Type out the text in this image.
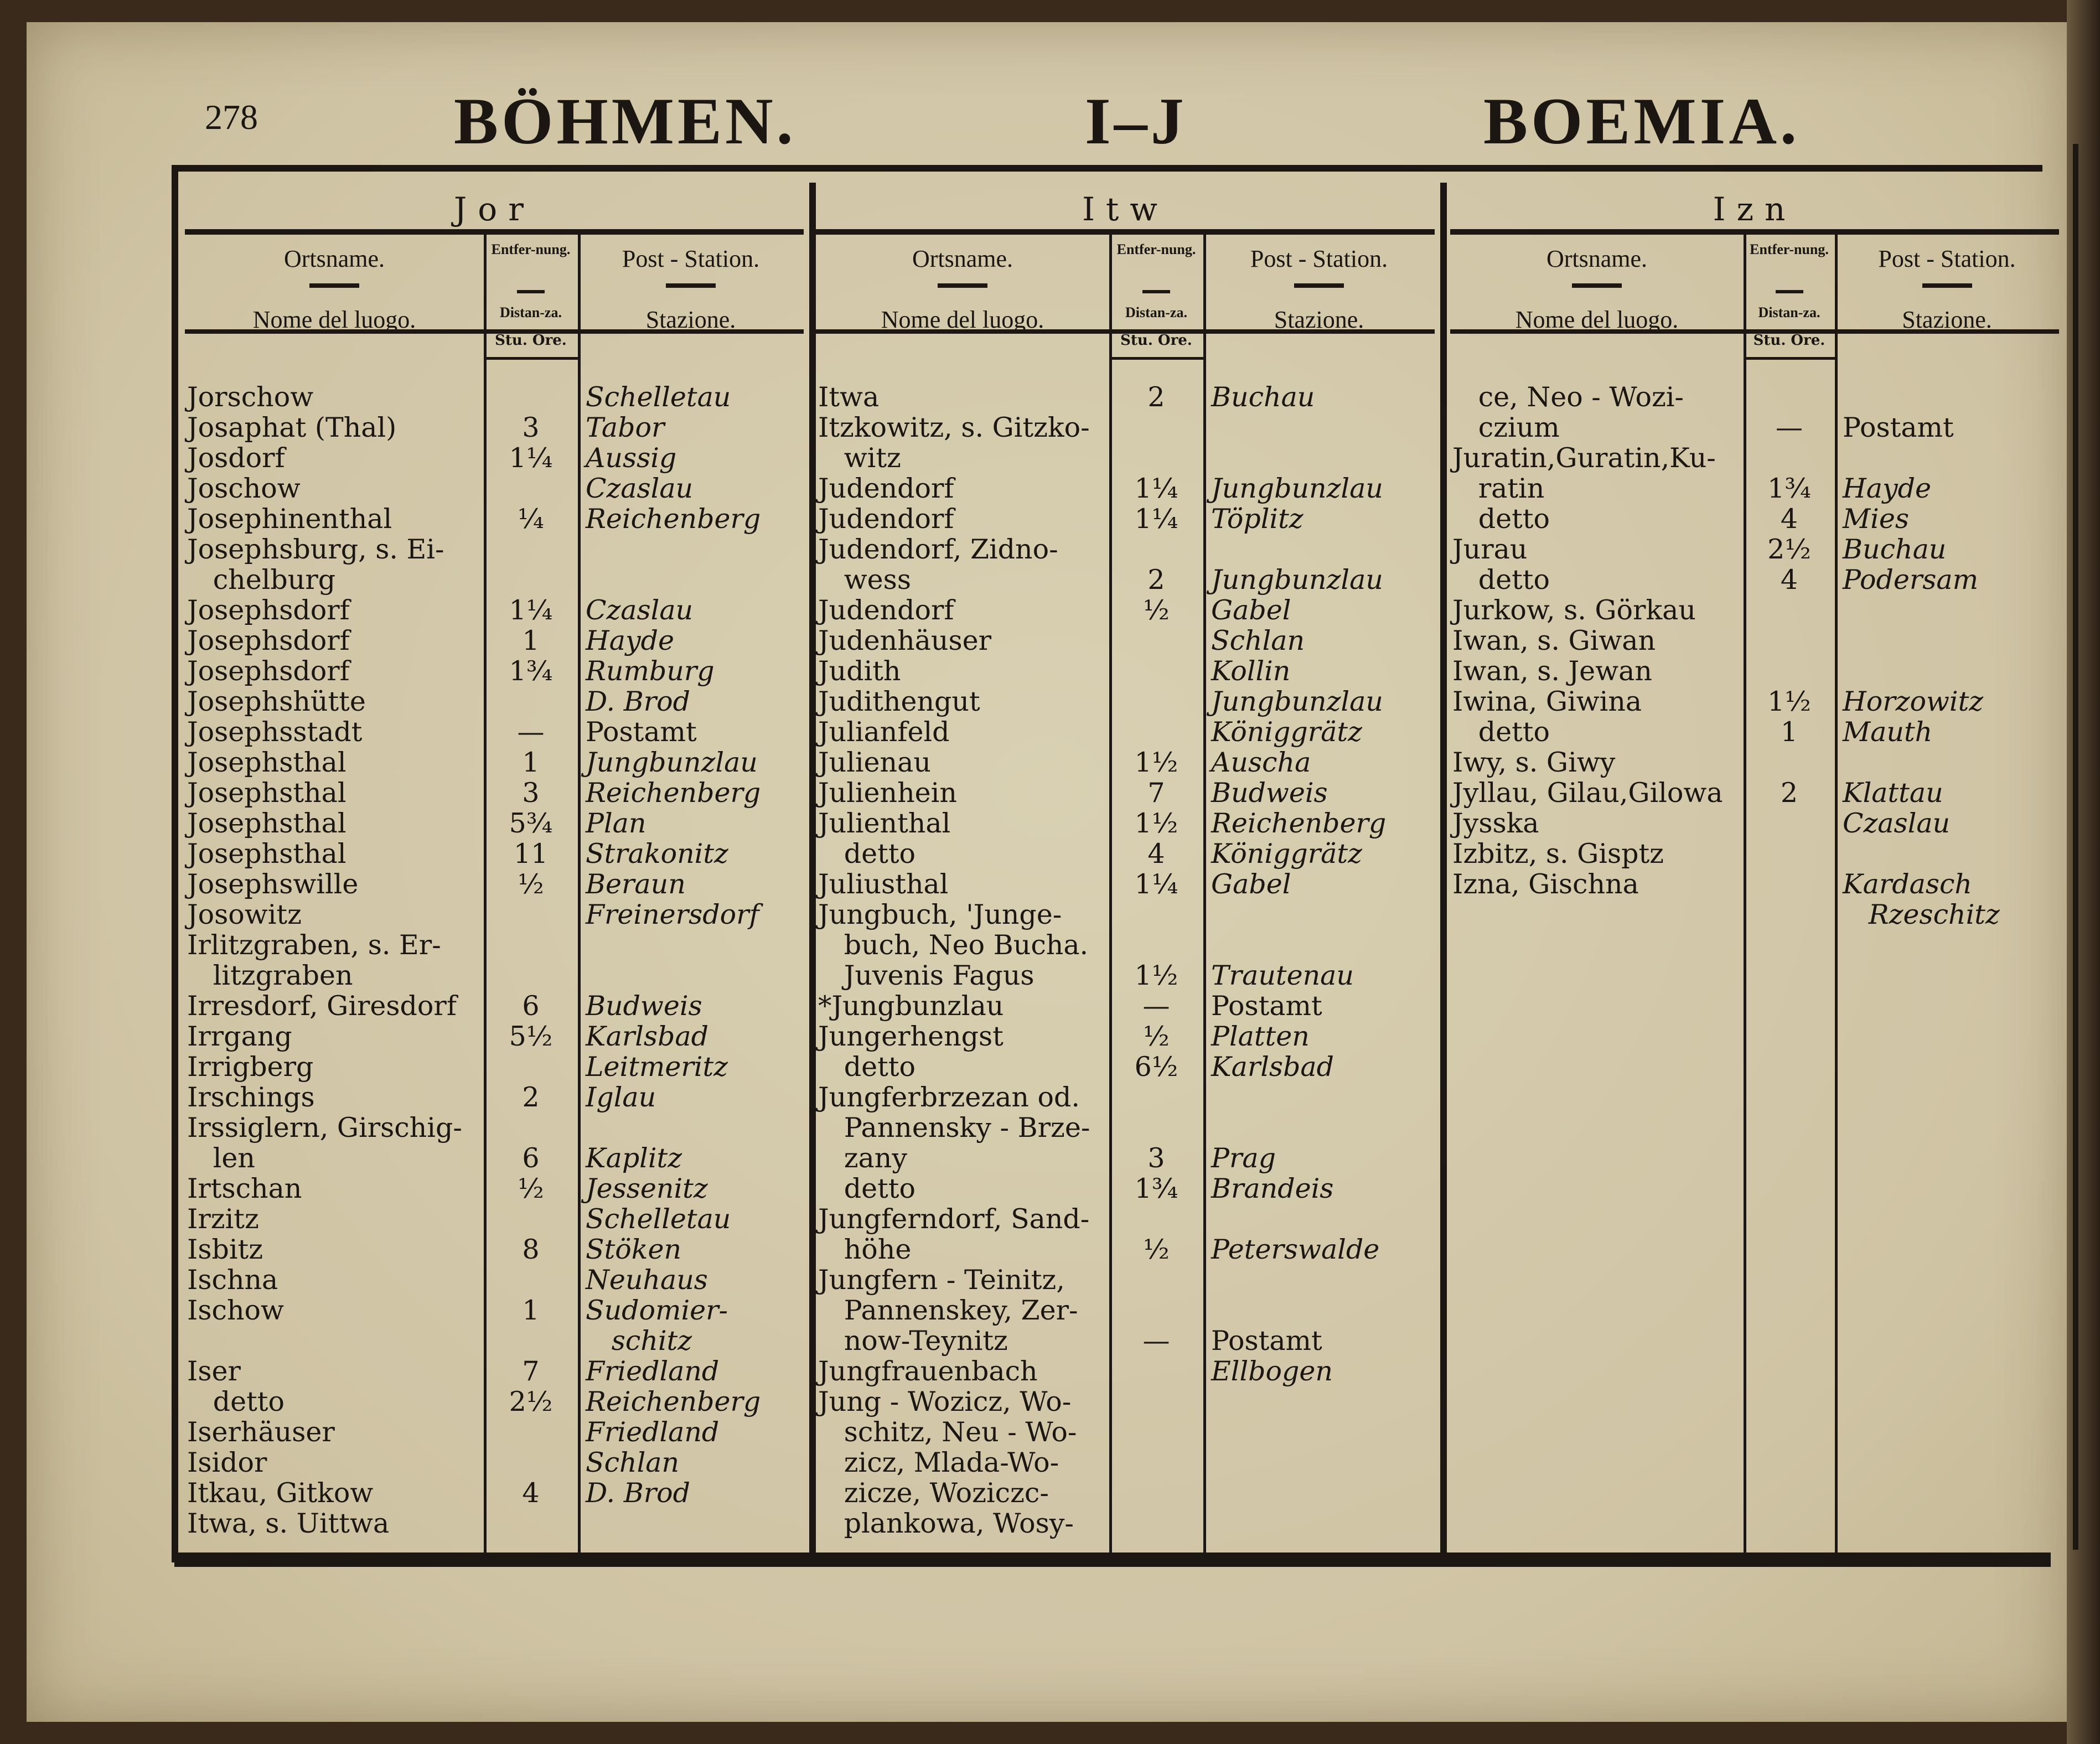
278	BÖHMEN.	I–J	BOEMIA.
Jor
Ortsname.
Nome del luogo.
Entfer-nung.
Distan-za.
Post - Station.
Stazione.
Stu. Ore.
Jorschow	Schelletau
Josaphat (Thal)	3	Tabor
Josdorf	1¼	Aussig
Joschow	Czaslau
Josephinenthal	¼	Reichenberg
Josephsburg, s. Ei-
chelburg
Josephsdorf	1¼	Czaslau
Josephsdorf	1	Hayde
Josephsdorf	1¾	Rumburg
Josephshütte	D. Brod
Josephsstadt	—	Postamt
Josephsthal	1	Jungbunzlau
Josephsthal	3	Reichenberg
Josephsthal	5¾	Plan
Josephsthal	11	Strakonitz
Josephswille	½	Beraun
Josowitz	Freinersdorf
Irlitzgraben, s. Er-
litzgraben
Irresdorf, Giresdorf	6	Budweis
Irrgang	5½	Karlsbad
Irrigberg	Leitmeritz
Irschings	2	Iglau
Irssiglern, Girschig-
len	6	Kaplitz
Irtschan	½	Jessenitz
Irzitz	Schelletau
Isbitz	8	Stöken
Ischna	Neuhaus
Ischow	1	Sudomier-
schitz
Iser	7	Friedland
detto	2½	Reichenberg
Iserhäuser	Friedland
Isidor	Schlan
Itkau, Gitkow	4	D. Brod
Itwa, s. Uittwa
Itw
Ortsname.
Nome del luogo.
Entfer-nung.
Distan-za.
Post - Station.
Stazione.
Stu. Ore.
Itwa	2	Buchau
Itzkowitz, s. Gitzko-
witz
Judendorf	1¼	Jungbunzlau
Judendorf	1¼	Töplitz
Judendorf, Zidno-
wess	2	Jungbunzlau
Judendorf	½	Gabel
Judenhäuser	Schlan
Judith	Kollin
Judithengut	Jungbunzlau
Julianfeld	Königgrätz
Julienau	1½	Auscha
Julienhein	7	Budweis
Julienthal	1½	Reichenberg
detto	4	Königgrätz
Juliusthal	1¼	Gabel
Jungbuch, 'Junge-
buch, Neo Bucha.
Juvenis Fagus	1½	Trautenau
*Jungbunzlau	—	Postamt
Jungerhengst	½	Platten
detto	6½	Karlsbad
Jungferbrzezan od.
Pannensky - Brze-
zany	3	Prag
detto	1¾	Brandeis
Jungferndorf, Sand-
höhe	½	Peterswalde
Jungfern - Teinitz,
Pannenskey, Zer-
now-Teynitz	—	Postamt
Jungfrauenbach	Ellbogen
Jung - Wozicz, Wo-
schitz, Neu - Wo-
zicz, Mlada-Wo-
zicze, Woziczc-
plankowa, Wosy-
Izn
Ortsname.
Nome del luogo.
Entfer-nung.
Distan-za.
Post - Station.
Stazione.
Stu. Ore.
ce, Neo - Wozi-
czium	—	Postamt
Juratin,Guratin,Ku-
ratin	1¾	Hayde
detto	4	Mies
Jurau	2½	Buchau
detto	4	Podersam
Jurkow, s. Görkau
Iwan, s. Giwan
Iwan, s. Jewan
Iwina, Giwina	1½	Horzowitz
detto	1	Mauth
Iwy, s. Giwy
Jyllau, Gilau,Gilowa	2	Klattau
Jysska	Czaslau
Izbitz, s. Gisptz
Izna, Gischna	Kardasch
Rzeschitz
